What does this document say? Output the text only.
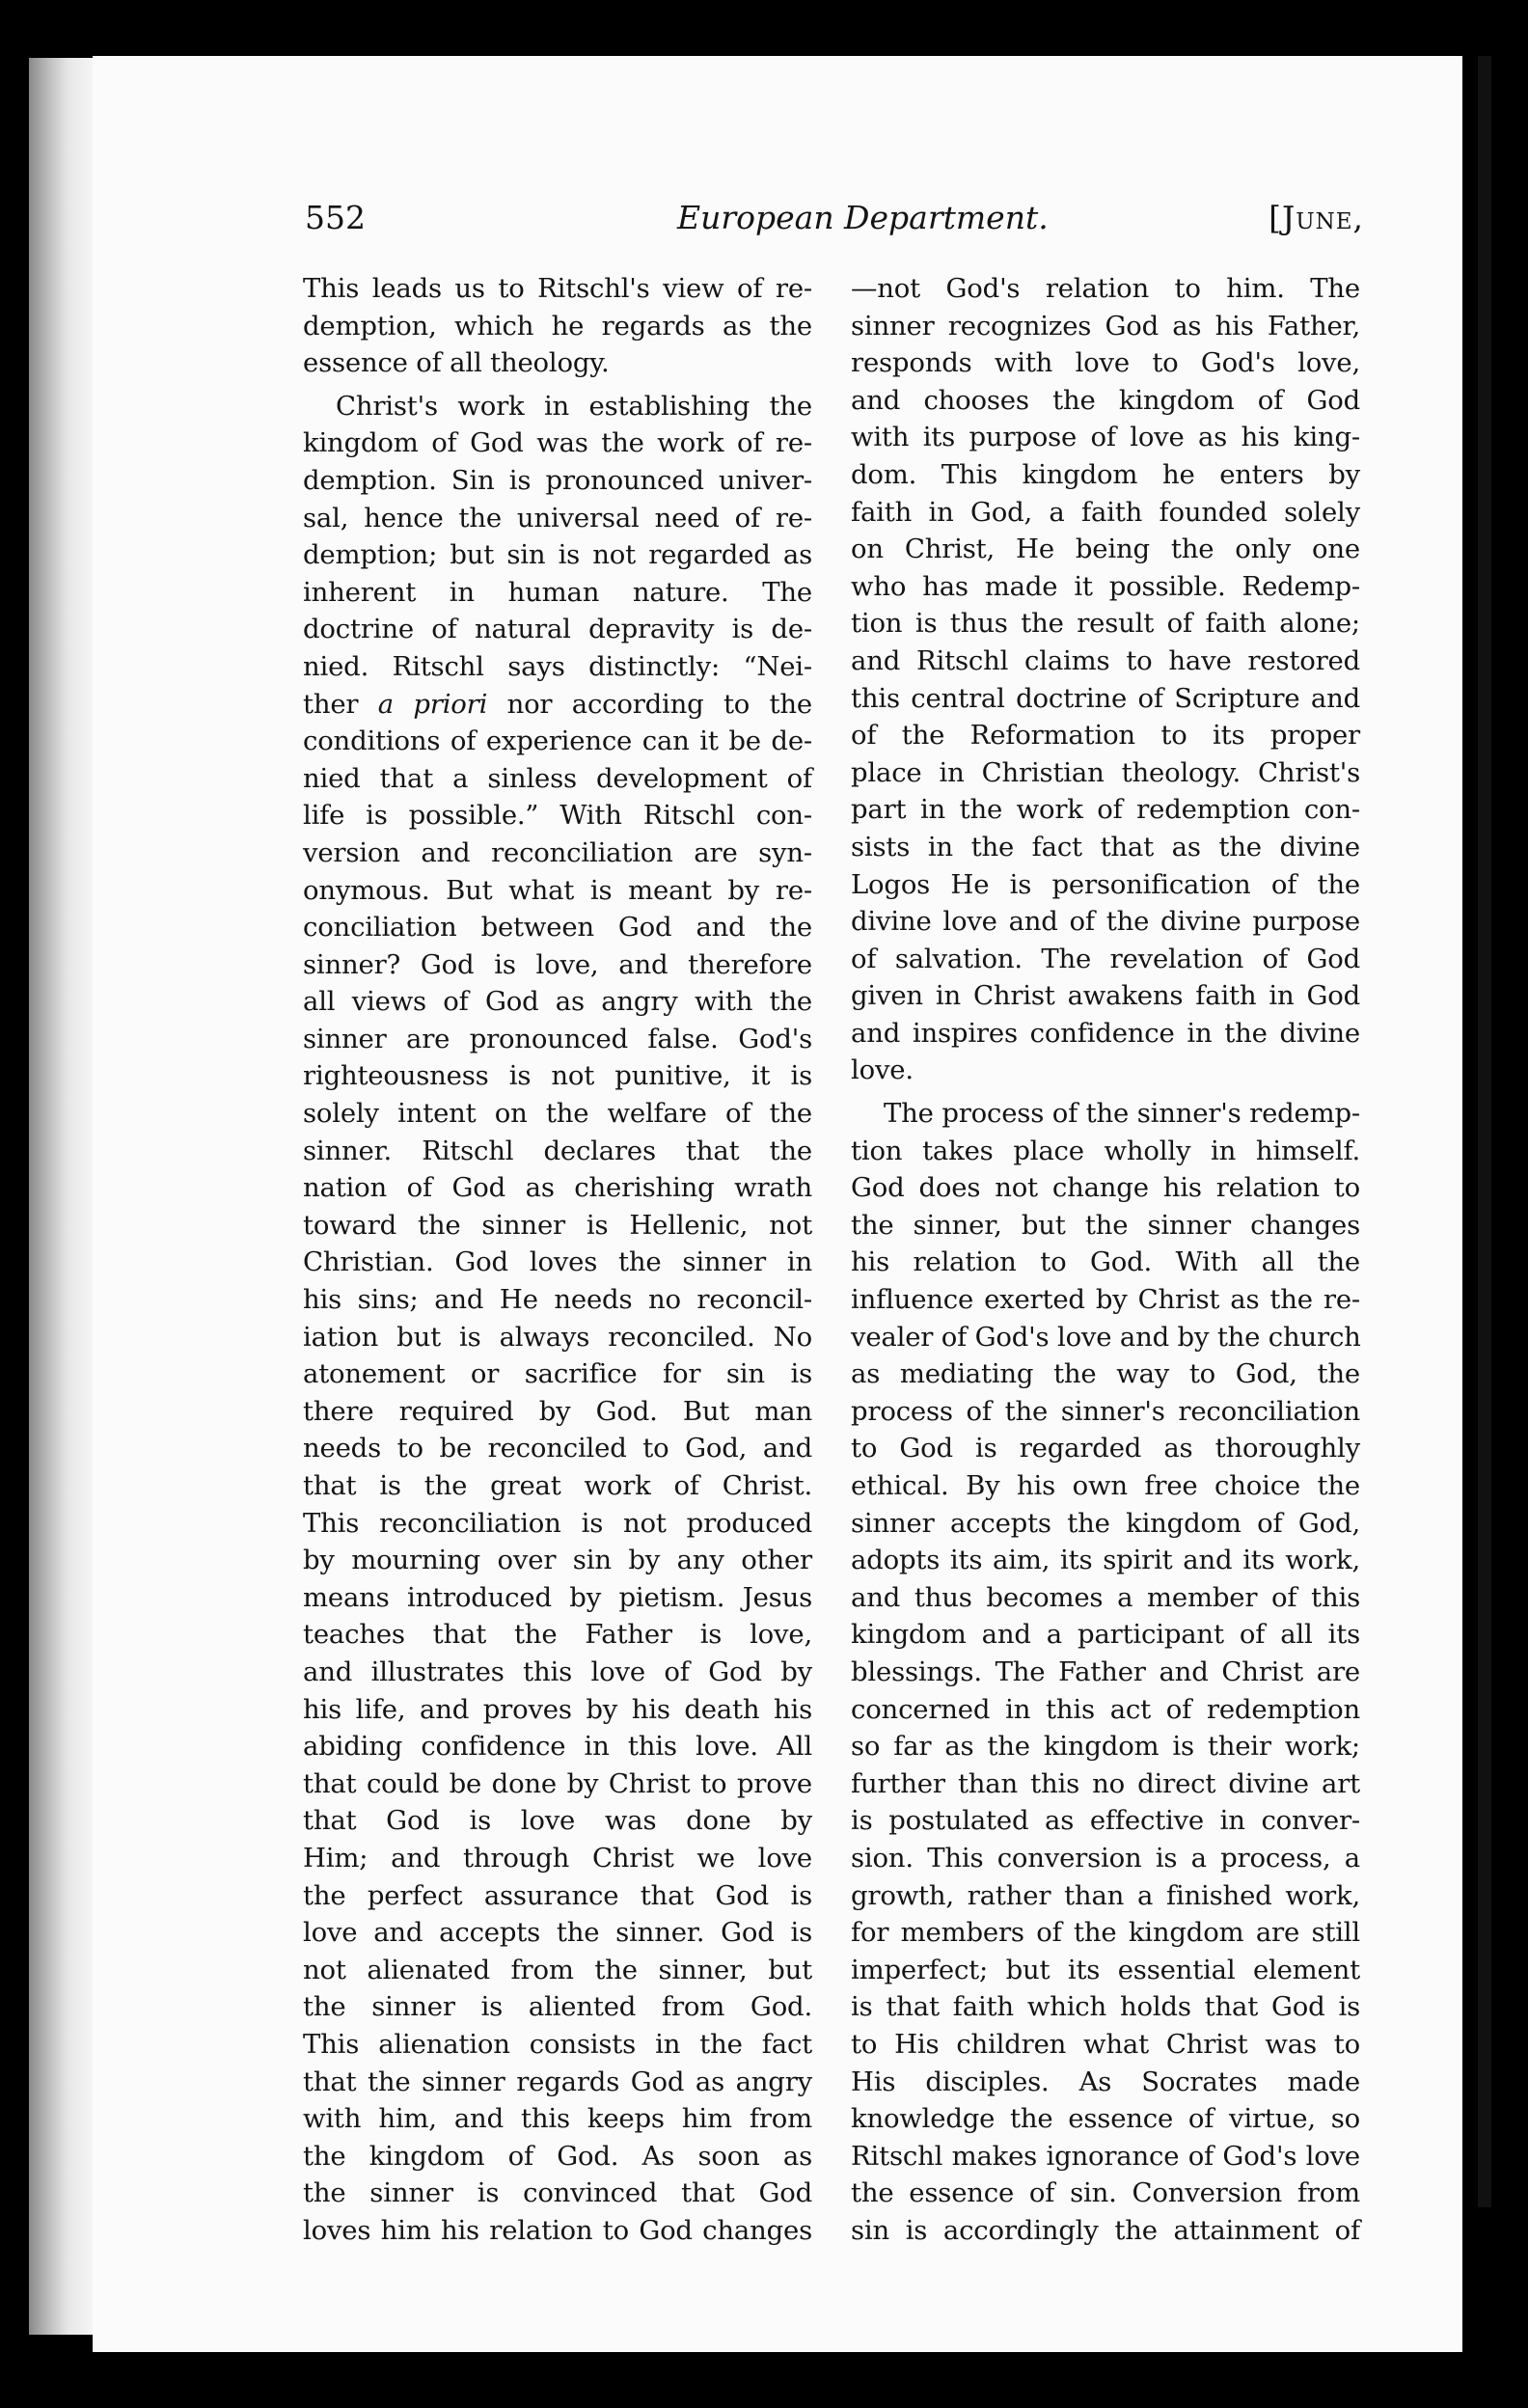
552	European Department.	[June,
This leads us to Ritschl's view of re-
demption, which he regards as the
essence of all theology.
Christ's work in establishing the
kingdom of God was the work of re-
demption. Sin is pronounced univer-
sal, hence the universal need of re-
demption; but sin is not regarded as
inherent in human nature. The
doctrine of natural depravity is de-
nied. Ritschl says distinctly: “Nei-
ther a priori nor according to the
conditions of experience can it be de-
nied that a sinless development of
life is possible.” With Ritschl con-
version and reconciliation are syn-
onymous. But what is meant by re-
conciliation between God and the
sinner? God is love, and therefore
all views of God as angry with the
sinner are pronounced false. God's
righteousness is not punitive, it is
solely intent on the welfare of the
sinner. Ritschl declares that the
nation of God as cherishing wrath
toward the sinner is Hellenic, not
Christian. God loves the sinner in
his sins; and He needs no reconcil-
iation but is always reconciled. No
atonement or sacrifice for sin is
there required by God. But man
needs to be reconciled to God, and
that is the great work of Christ.
This reconciliation is not produced
by mourning over sin by any other
means introduced by pietism. Jesus
teaches that the Father is love,
and illustrates this love of God by
his life, and proves by his death his
abiding confidence in this love. All
that could be done by Christ to prove
that God is love was done by
Him; and through Christ we love
the perfect assurance that God is
love and accepts the sinner. God is
not alienated from the sinner, but
the sinner is aliented from God.
This alienation consists in the fact
that the sinner regards God as angry
with him, and this keeps him from
the kingdom of God. As soon as
the sinner is convinced that God
loves him his relation to God changes
—not God's relation to him. The
sinner recognizes God as his Father,
responds with love to God's love,
and chooses the kingdom of God
with its purpose of love as his king-
dom. This kingdom he enters by
faith in God, a faith founded solely
on Christ, He being the only one
who has made it possible. Redemp-
tion is thus the result of faith alone;
and Ritschl claims to have restored
this central doctrine of Scripture and
of the Reformation to its proper
place in Christian theology. Christ's
part in the work of redemption con-
sists in the fact that as the divine
Logos He is personification of the
divine love and of the divine purpose
of salvation. The revelation of God
given in Christ awakens faith in God
and inspires confidence in the divine
love.
The process of the sinner's redemp-
tion takes place wholly in himself.
God does not change his relation to
the sinner, but the sinner changes
his relation to God. With all the
influence exerted by Christ as the re-
vealer of God's love and by the church
as mediating the way to God, the
process of the sinner's reconciliation
to God is regarded as thoroughly
ethical. By his own free choice the
sinner accepts the kingdom of God,
adopts its aim, its spirit and its work,
and thus becomes a member of this
kingdom and a participant of all its
blessings. The Father and Christ are
concerned in this act of redemption
so far as the kingdom is their work;
further than this no direct divine art
is postulated as effective in conver-
sion. This conversion is a process, a
growth, rather than a finished work,
for members of the kingdom are still
imperfect; but its essential element
is that faith which holds that God is
to His children what Christ was to
His disciples. As Socrates made
knowledge the essence of virtue, so
Ritschl makes ignorance of God's love
the essence of sin. Conversion from
sin is accordingly the attainment of
